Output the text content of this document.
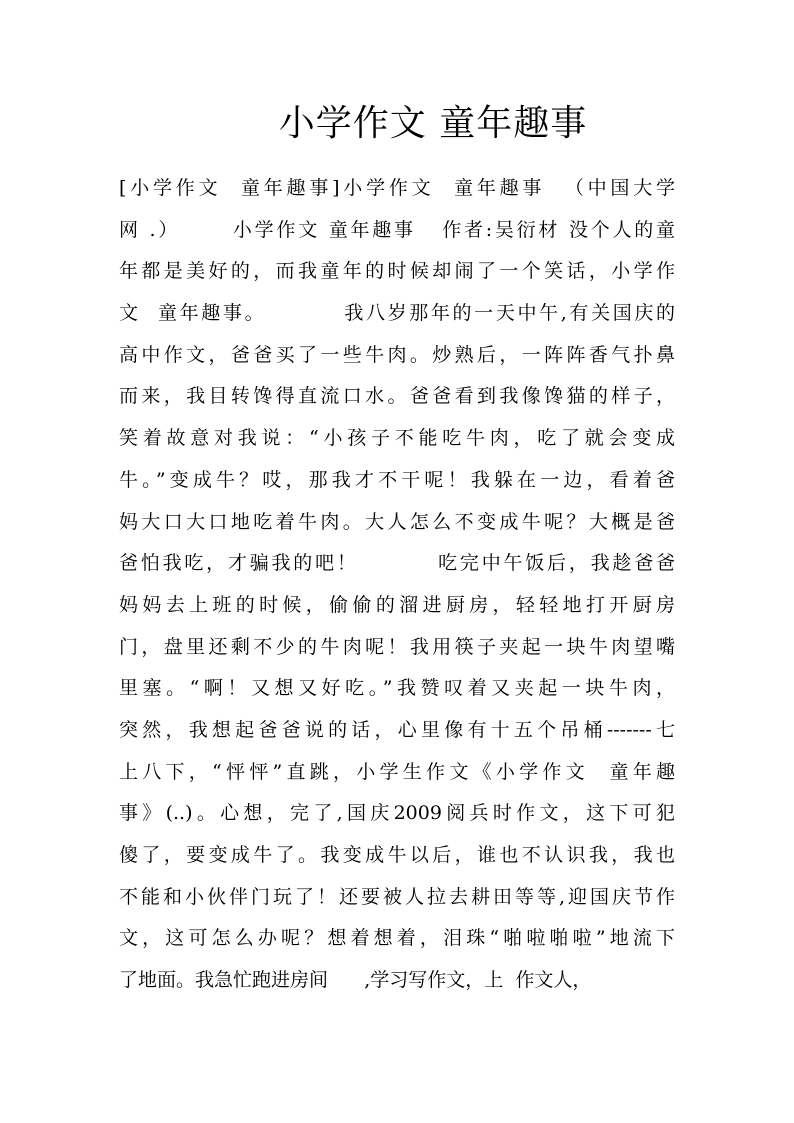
小学作文 童年趣事
[小学作文  童年趣事]小学作文  童年趣事  （中国大学
网 .）      小学作文 童年趣事   作者:吴衍材 没个人的童
年都是美好的，而我童年的时候却闹了一个笑话，小学作
文  童年趣事。         我八岁那年的一天中午,有关国庆的
高中作文，爸爸买了一些牛肉。炒熟后，一阵阵香气扑鼻
而来，我目转馋得直流口水。爸爸看到我像馋猫的样子，
笑着故意对我说：“小孩子不能吃牛肉，吃了就会变成
牛。”变成牛？哎，那我才不干呢！我躲在一边，看着爸
妈大口大口地吃着牛肉。大人怎么不变成牛呢？大概是爸
爸怕我吃，才骗我的吧！         吃完中午饭后，我趁爸爸
妈妈去上班的时候，偷偷的溜进厨房，轻轻地打开厨房
门，盘里还剩不少的牛肉呢！我用筷子夹起一块牛肉望嘴
里塞。“啊！又想又好吃。”我赞叹着又夹起一块牛肉，
突然，我想起爸爸说的话，心里像有十五个吊桶-------七
上八下，“怦怦”直跳，小学生作文《小学作文  童年趣
事》(..)。心想，完了,国庆2009阅兵时作文，这下可犯
傻了，要变成牛了。我变成牛以后，谁也不认识我，我也
不能和小伙伴门玩了！还要被人拉去耕田等等,迎国庆节作
文，这可怎么办呢？想着想着，泪珠“啪啦啪啦”地流下
了地面。我急忙跑进房间      ,学习写作文，上  作文人，
